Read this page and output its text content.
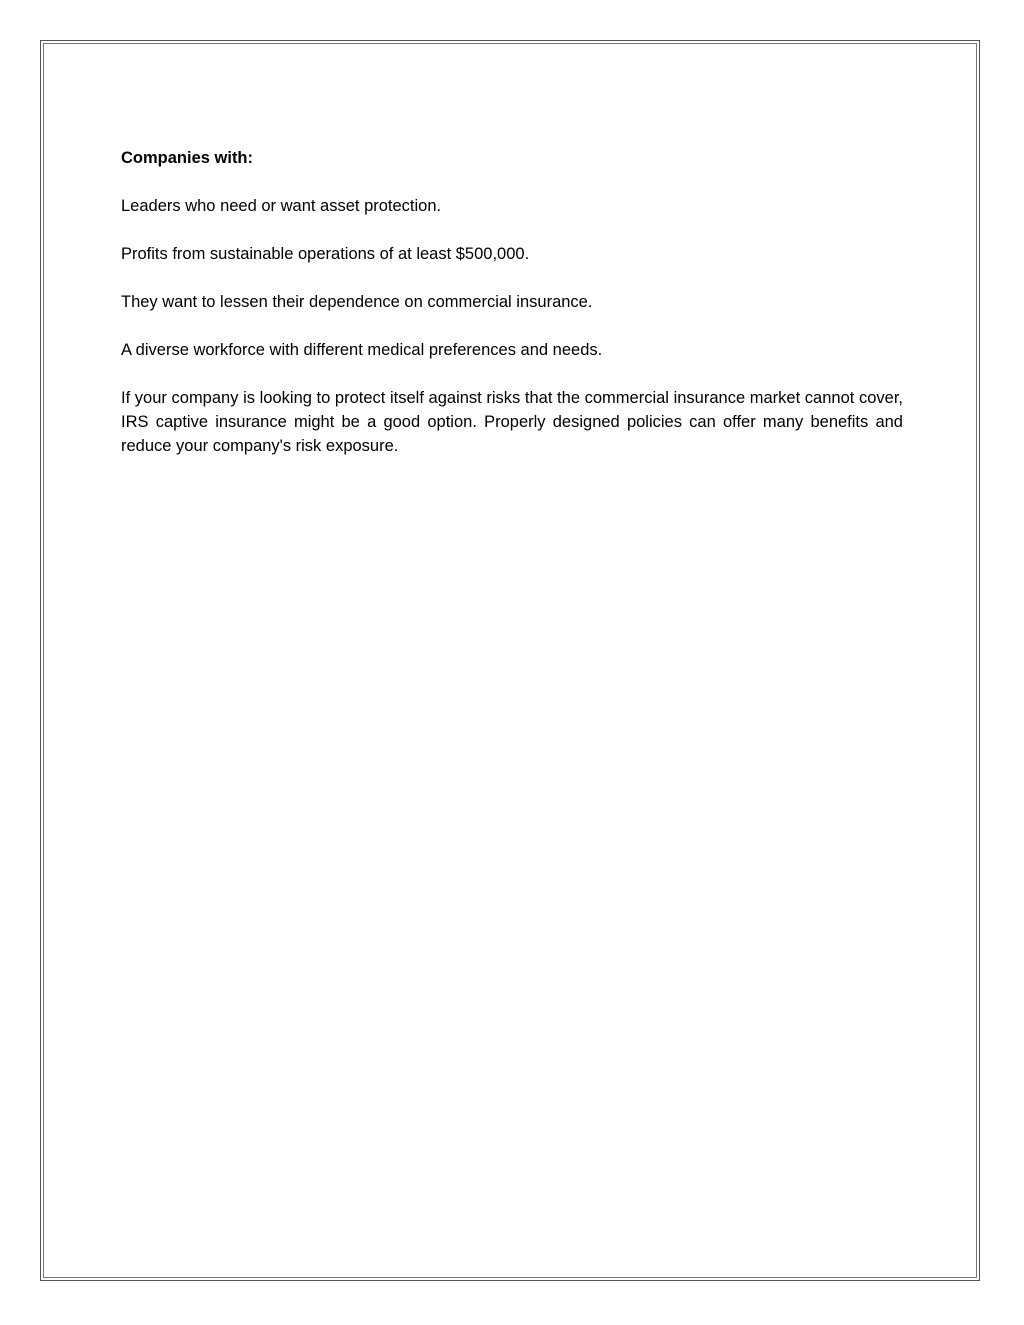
Companies with:

Leaders who need or want asset protection.

Profits from sustainable operations of at least $500,000.

They want to lessen their dependence on commercial insurance.

A diverse workforce with different medical preferences and needs.

If your company is looking to protect itself against risks that the commercial insurance market cannot cover, IRS captive insurance might be a good option. Properly designed policies can offer many benefits and reduce your company's risk exposure.
